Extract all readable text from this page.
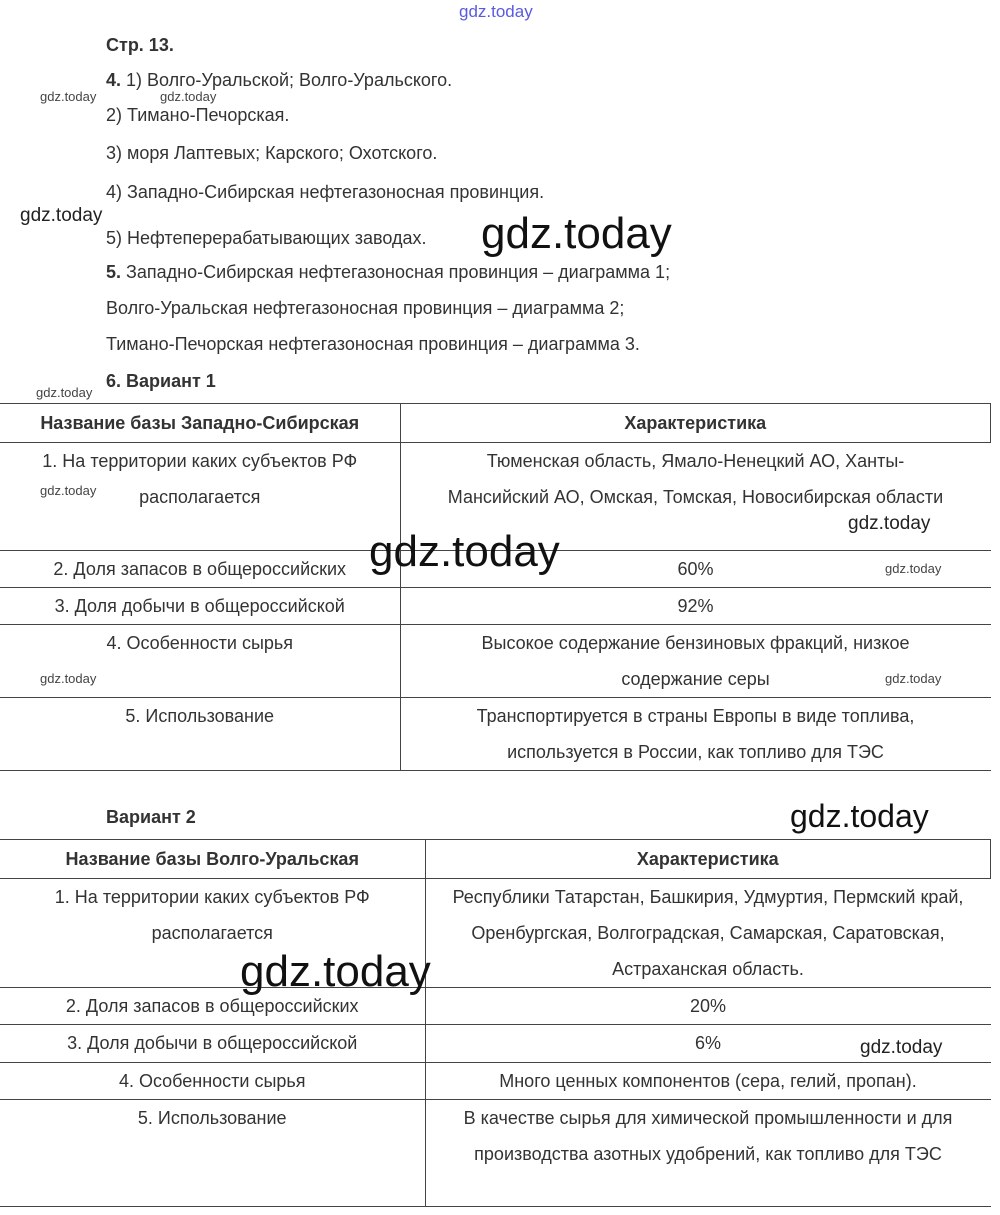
gdz.today
Стр. 13.
4. 1) Волго-Уральской; Волго-Уральского.
2) Тимано-Печорская.
3) моря Лаптевых; Карского; Охотского.
4) Западно-Сибирская нефтегазоносная провинция.
5) Нефтеперерабатывающих заводах.
5. Западно-Сибирская нефтегазоносная провинция – диаграмма 1;
Волго-Уральская нефтегазоносная провинция – диаграмма 2;
Тимано-Печорская нефтегазоносная провинция – диаграмма 3.
6. Вариант 1
Название базы Западно-Сибирская	Характеристика
1. На территории каких субъектов РФ располагается	Тюменская область, Ямало-Ненецкий АО, Ханты-Мансийский АО, Омская, Томская, Новосибирская области
2. Доля запасов в общероссийских	60%
3. Доля добычи в общероссийской	92%
4. Особенности сырья	Высокое содержание бензиновых фракций, низкое содержание серы
5. Использование	Транспортируется в страны Европы в виде топлива, используется в России, как топливо для ТЭС
Вариант 2
Название базы Волго-Уральская	Характеристика
1. На территории каких субъектов РФ располагается	Республики Татарстан, Башкирия, Удмуртия, Пермский край, Оренбургская, Волгоградская, Самарская, Саратовская, Астраханская область.
2. Доля запасов в общероссийских	20%
3. Доля добычи в общероссийской	6%
4. Особенности сырья	Много ценных компонентов (сера, гелий, пропан).
5. Использование	В качестве сырья для химической промышленности и для производства азотных удобрений, как топливо для ТЭС
gdz.today	gdz.today
gdz.today	gdz.today
gdz.today
gdz.today
gdz.today
gdz.today	gdz.today
gdz.today
gdz.today
gdz.today
gdz.today
gdz.today
